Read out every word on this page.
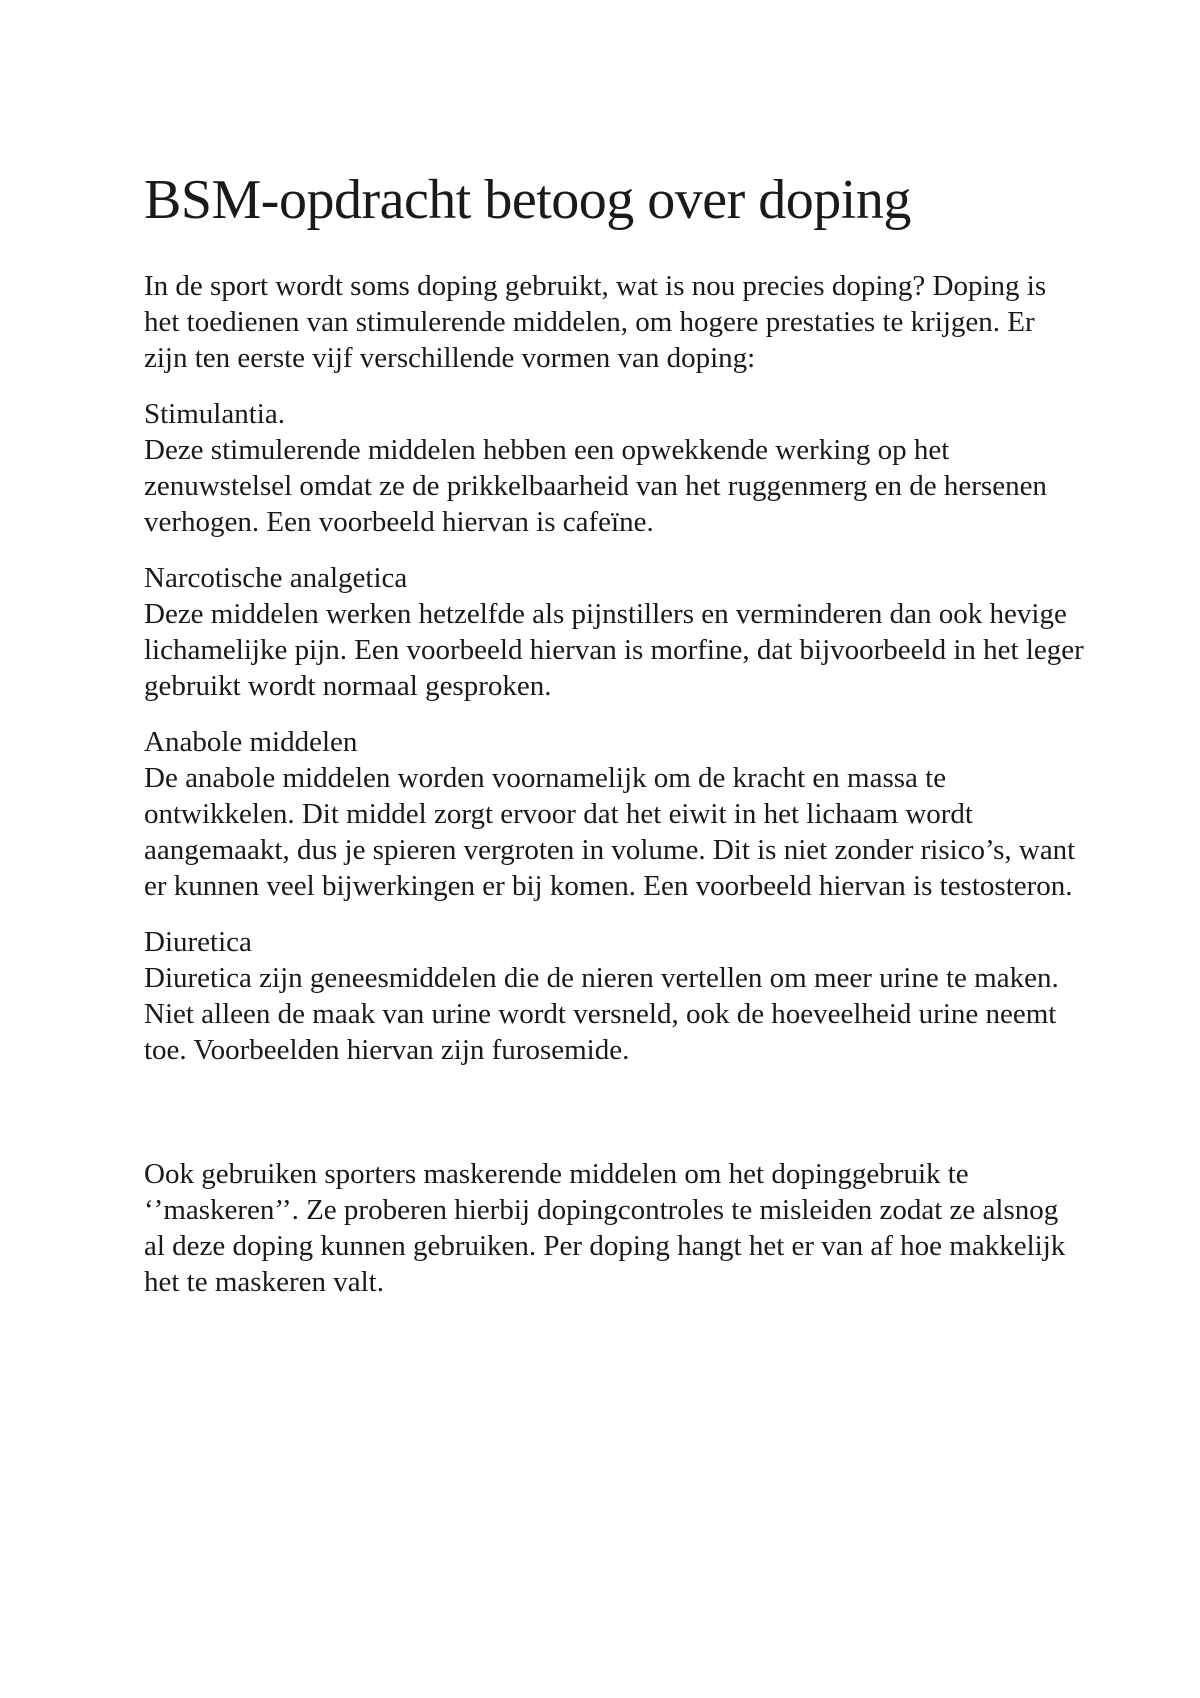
BSM-opdracht betoog over doping

In de sport wordt soms doping gebruikt, wat is nou precies doping? Doping is het toedienen van stimulerende middelen, om hogere prestaties te krijgen. Er zijn ten eerste vijf verschillende vormen van doping:

Stimulantia.

Deze stimulerende middelen hebben een opwekkende werking op het zenuwstelsel omdat ze de prikkelbaarheid van het ruggenmerg en de hersenen verhogen. Een voorbeeld hiervan is cafeïne.

Narcotische analgetica

Deze middelen werken hetzelfde als pijnstillers en verminderen dan ook hevige lichamelijke pijn. Een voorbeeld hiervan is morfine, dat bijvoorbeeld in het leger gebruikt wordt normaal gesproken.

Anabole middelen

De anabole middelen worden voornamelijk om de kracht en massa te ontwikkelen. Dit middel zorgt ervoor dat het eiwit in het lichaam wordt aangemaakt, dus je spieren vergroten in volume. Dit is niet zonder risico’s, want er kunnen veel bijwerkingen er bij komen. Een voorbeeld hiervan is testosteron.

Diuretica

Diuretica zijn geneesmiddelen die de nieren vertellen om meer urine te maken. Niet alleen de maak van urine wordt versneld, ook de hoeveelheid urine neemt toe. Voorbeelden hiervan zijn furosemide.

Ook gebruiken sporters maskerende middelen om het dopinggebruik te ‘’maskeren’’. Ze proberen hierbij dopingcontroles te misleiden zodat ze alsnog al deze doping kunnen gebruiken. Per doping hangt het er van af hoe makkelijk het te maskeren valt.
